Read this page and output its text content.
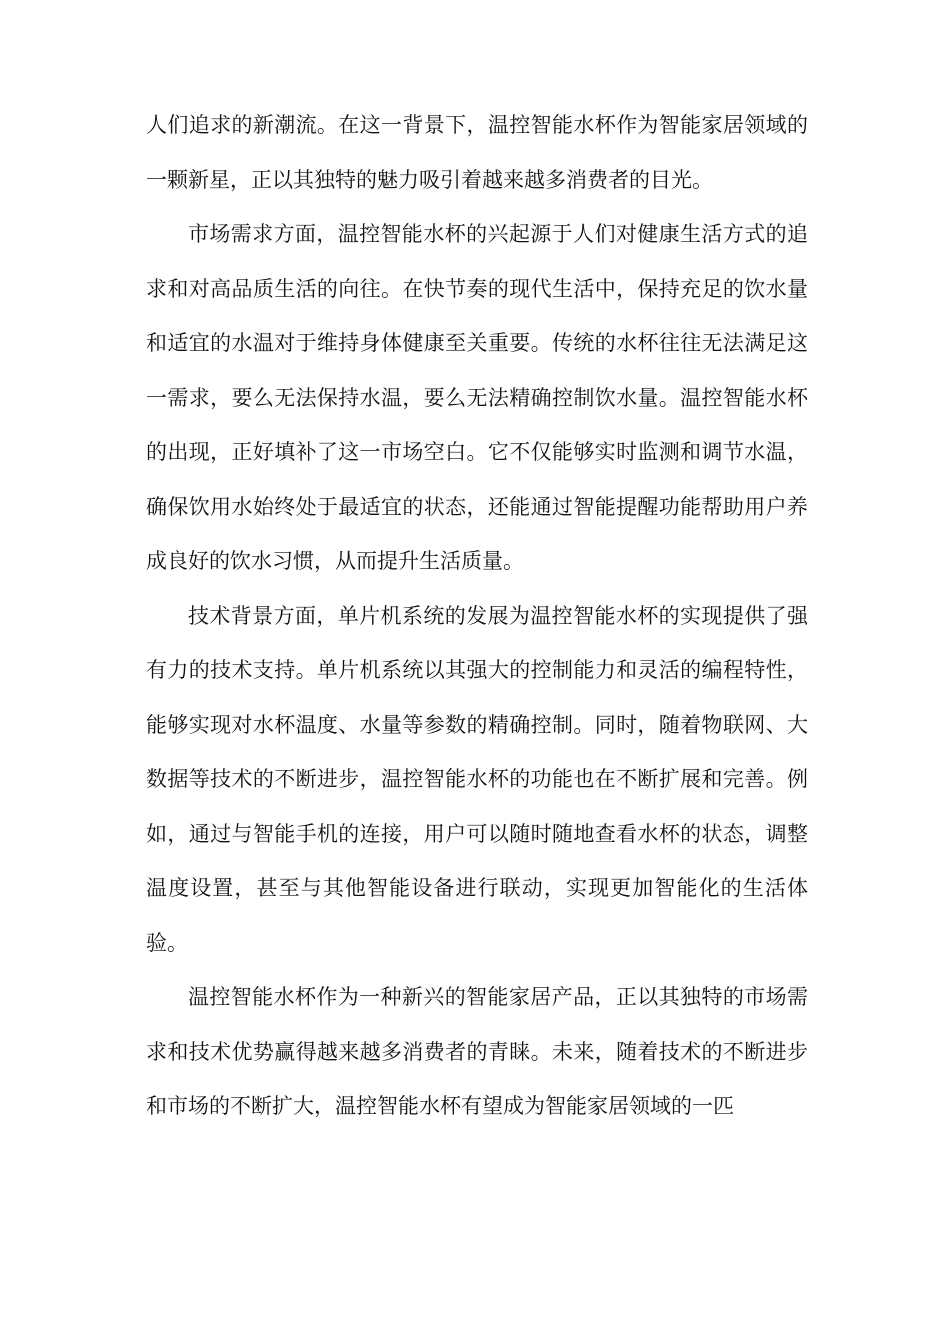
人们追求的新潮流。在这一背景下，温控智能水杯作为智能家居领域的一颗新星，正以其独特的魅力吸引着越来越多消费者的目光。

市场需求方面，温控智能水杯的兴起源于人们对健康生活方式的追求和对高品质生活的向往。在快节奏的现代生活中，保持充足的饮水量和适宜的水温对于维持身体健康至关重要。传统的水杯往往无法满足这一需求，要么无法保持水温，要么无法精确控制饮水量。温控智能水杯的出现，正好填补了这一市场空白。它不仅能够实时监测和调节水温，确保饮用水始终处于最适宜的状态，还能通过智能提醒功能帮助用户养成良好的饮水习惯，从而提升生活质量。

技术背景方面，单片机系统的发展为温控智能水杯的实现提供了强有力的技术支持。单片机系统以其强大的控制能力和灵活的编程特性，能够实现对水杯温度、水量等参数的精确控制。同时，随着物联网、大数据等技术的不断进步，温控智能水杯的功能也在不断扩展和完善。例如，通过与智能手机的连接，用户可以随时随地查看水杯的状态，调整温度设置，甚至与其他智能设备进行联动，实现更加智能化的生活体验。

温控智能水杯作为一种新兴的智能家居产品，正以其独特的市场需求和技术优势赢得越来越多消费者的青睐。未来，随着技术的不断进步和市场的不断扩大，温控智能水杯有望成为智能家居领域的一匹
